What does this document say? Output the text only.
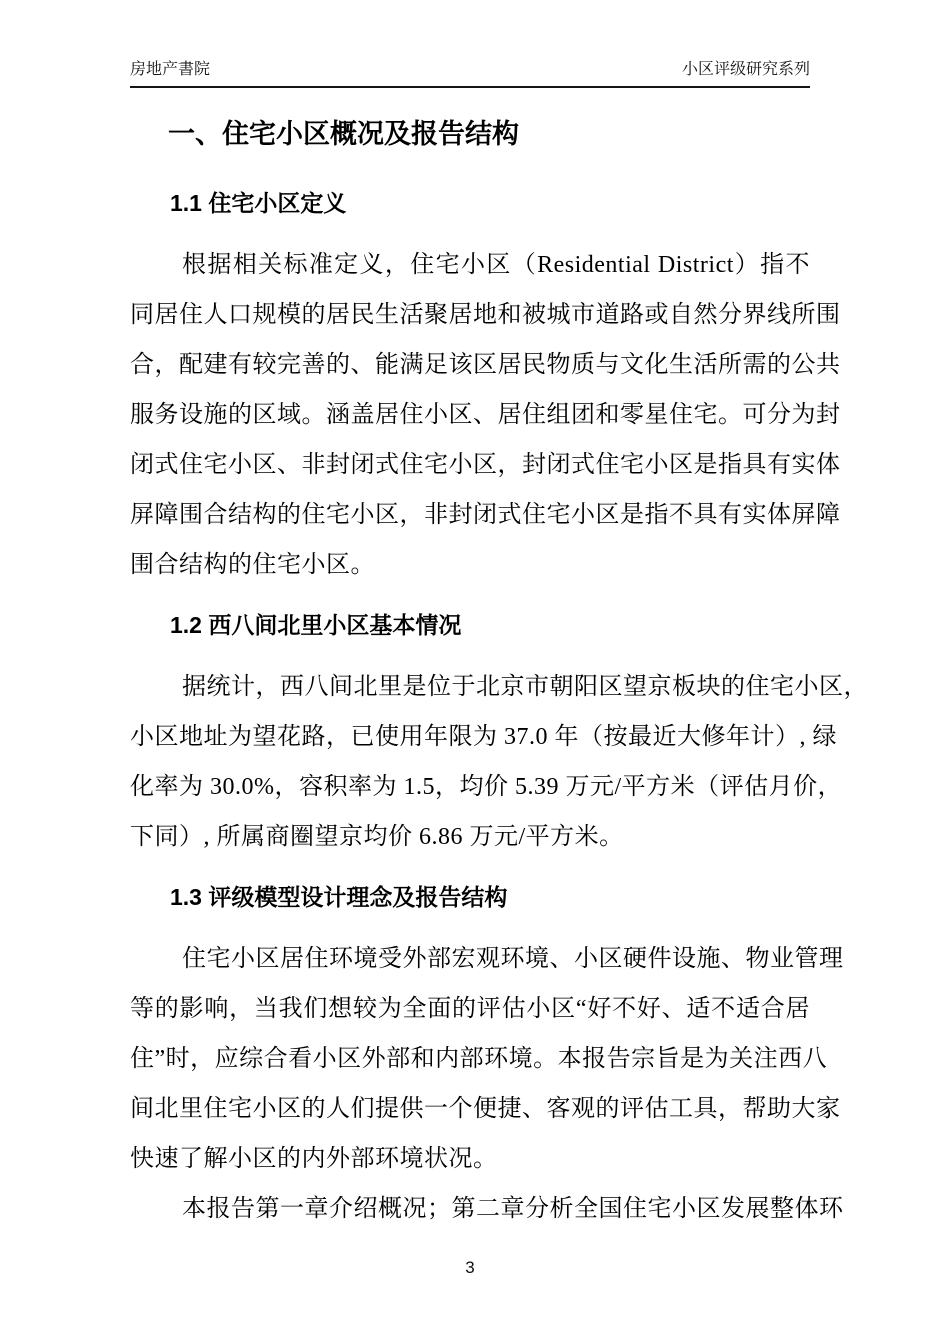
房地产書院	小区评级研究系列
一、住宅小区概况及报告结构
1.1 住宅小区定义
根据相关标准定义，住宅小区（Residential District）指不
同居住人口规模的居民生活聚居地和被城市道路或自然分界线所围
合，配建有较完善的、能满足该区居民物质与文化生活所需的公共
服务设施的区域。涵盖居住小区、居住组团和零星住宅。可分为封
闭式住宅小区、非封闭式住宅小区，封闭式住宅小区是指具有实体
屏障围合结构的住宅小区，非封闭式住宅小区是指不具有实体屏障
围合结构的住宅小区。
1.2 西八间北里小区基本情况
据统计，西八间北里是位于北京市朝阳区望京板块的住宅小区，
小区地址为望花路，已使用年限为 37.0 年（按最近大修年计）, 绿
化率为 30.0%，容积率为 1.5，均价 5.39 万元/平方米（评估月价，
下同）, 所属商圈望京均价 6.86 万元/平方米。
1.3 评级模型设计理念及报告结构
住宅小区居住环境受外部宏观环境、小区硬件设施、物业管理
等的影响，当我们想较为全面的评估小区“好不好、适不适合居
住”时，应综合看小区外部和内部环境。本报告宗旨是为关注西八
间北里住宅小区的人们提供一个便捷、客观的评估工具，帮助大家
快速了解小区的内外部环境状况。
本报告第一章介绍概况；第二章分析全国住宅小区发展整体环
3
